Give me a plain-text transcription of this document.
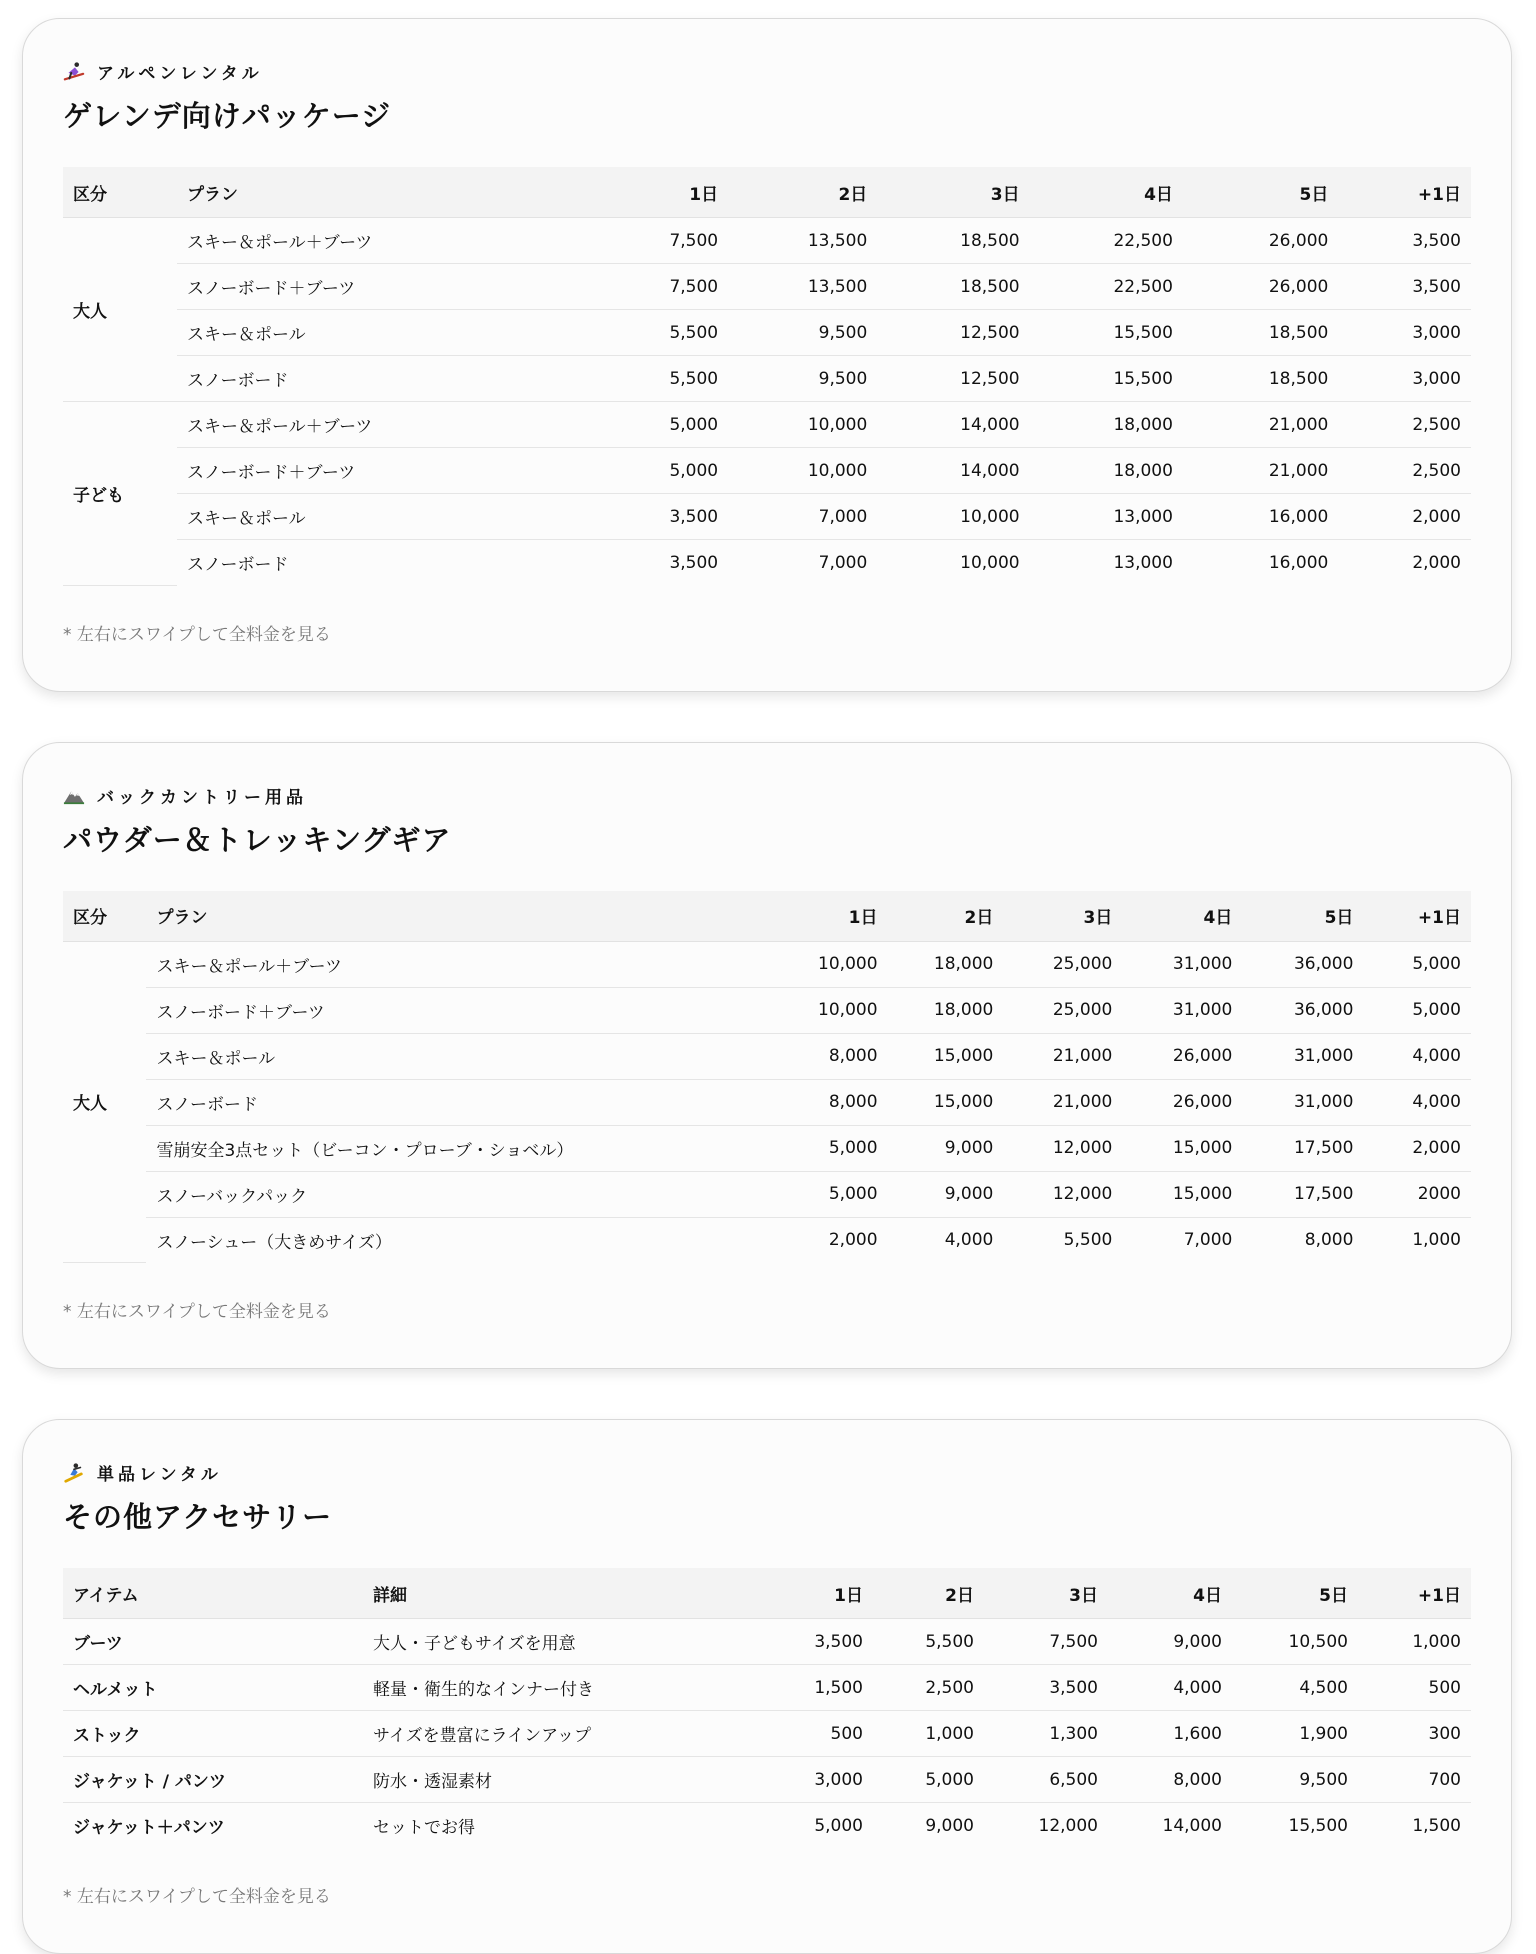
アルペンレンタル
ゲレンデ向けパッケージ
区分	プラン	1日	2日	3日	4日	5日	+1日
大人	スキー＆ポール＋ブーツ	7,500	13,500	18,500	22,500	26,000	3,500
	スノーボード＋ブーツ	7,500	13,500	18,500	22,500	26,000	3,500
	スキー＆ポール	5,500	9,500	12,500	15,500	18,500	3,000
	スノーボード	5,500	9,500	12,500	15,500	18,500	3,000
子ども	スキー＆ポール＋ブーツ	5,000	10,000	14,000	18,000	21,000	2,500
	スノーボード＋ブーツ	5,000	10,000	14,000	18,000	21,000	2,500
	スキー＆ポール	3,500	7,000	10,000	13,000	16,000	2,000
	スノーボード	3,500	7,000	10,000	13,000	16,000	2,000
* 左右にスワイプして全料金を見る
バックカントリー用品
パウダー＆トレッキングギア
区分	プラン	1日	2日	3日	4日	5日	+1日
大人	スキー＆ポール＋ブーツ	10,000	18,000	25,000	31,000	36,000	5,000
	スノーボード＋ブーツ	10,000	18,000	25,000	31,000	36,000	5,000
	スキー＆ポール	8,000	15,000	21,000	26,000	31,000	4,000
	スノーボード	8,000	15,000	21,000	26,000	31,000	4,000
	雪崩安全3点セット（ビーコン・プローブ・ショベル）	5,000	9,000	12,000	15,000	17,500	2,000
	スノーバックパック	5,000	9,000	12,000	15,000	17,500	2000
	スノーシュー（大きめサイズ）	2,000	4,000	5,500	7,000	8,000	1,000
* 左右にスワイプして全料金を見る
単品レンタル
その他アクセサリー
アイテム	詳細	1日	2日	3日	4日	5日	+1日
ブーツ	大人・子どもサイズを用意	3,500	5,500	7,500	9,000	10,500	1,000
ヘルメット	軽量・衛生的なインナー付き	1,500	2,500	3,500	4,000	4,500	500
ストック	サイズを豊富にラインアップ	500	1,000	1,300	1,600	1,900	300
ジャケット / パンツ	防水・透湿素材	3,000	5,000	6,500	8,000	9,500	700
ジャケット＋パンツ	セットでお得	5,000	9,000	12,000	14,000	15,500	1,500
* 左右にスワイプして全料金を見る
